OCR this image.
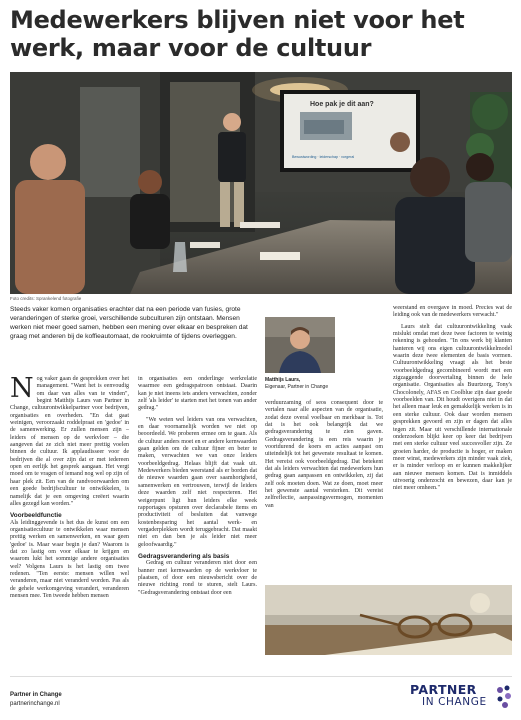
Medewerkers blijven niet voor het werk, maar voor de cultuur
Hoe pak je dit aan?
Bewustwording · leiderschap · vorgeral
Foto credits: Sprankelend fotografie
Steeds vaker komen organisaties erachter dat na een periode van fusies, grote veranderingen of sterke groei, verschillende subculturen zijn ontstaan. Mensen werken niet meer goed samen, hebben een mening over elkaar en bespreken dat graag met anderen bij de koffieautomaat, de rookruimte of tijdens overleggen.
Matthijs Laurs,
Eigenaar, Partner in Change

Nog vaker gaan de gesprekken over het management. "Want het is eenvoudig om daar van alles van te vinden", begint Matthijs Laurs van Partner in Change, cultuurontwikkelpartner voor bedrijven, organisaties en overheden. "En dat gaat weinigen, veroorzaakt roddelpraat en 'gedoe' in de samenwerking. Er zullen mensen zijn – leiders of mensen op de werkvloer – die aangeven dat ze zich niet meer prettig voelen binnen de cultuur. Ik applaudisseer voor de bedrijven die al over zijn dat er met iedereen open en eerlijk het gesprek aangaan. Het vergt moed om te vragen of iemand nog wel op zijn of haar plek zit. Een van de randvoorwaarden om een goede bedrijfscultuur te ontwikkelen, is namelijk dat je een omgeving creëert waarin alles gezegd kan worden."

Voorbeeldfunctie

Als leidinggevende is het dus de kunst om een organisatiecultuur te ontwikkelen waar mensen prettig werken en samenwerken, en waar geen 'gedoe' is. Maar waar begin je dan? Waarom is dat zo lastig om voor elkaar te krijgen en waarom lukt het sommige andere organisaties wel? Volgens Laurs is het lastig om twee redenen. "Ten eerste: mensen willen wel veranderen, maar niet veranderd worden. Pas als de gehele werkomgeving verandert, veranderen mensen mee. Ten tweede hebben mensen

in organisaties een onderlinge werkrelatie waarmee een gedragspatroon ontstaat. Daarin kan je niet ineens iets anders verwachten, zonder zelf 'als leider' te starten met het tonen van ander gedrag."

"We weten wel leiders van ons verwachten, en daar voornamelijk worden we niet op beoordeeld. We proberen ermee om te gaan. Als de cultuur anders moet en er andere kernwaarden gaan gelden om de cultuur fijner en beter te maken, verwachten we van onze leiders voorbeeldgedrag. Helaas blijft dat vaak uit. Medewerkers bieden weerstand als er borden dat de nieuwe waarden gaan over saamhorigheid, samenwerken en vertrouwen, terwijl de leiders deze waarden zelf niet respecteren. Het weigerpunt ligt hun leiders elke week rapportages opsturen over declarabele items en productiviteit of besluiten dat vanwege kostenbesparing het aantal werk- en vergaderplekken wordt teruggebracht. Dat maakt niet en dan ben je als leider niet meer geloofwaardig."

Gedragsverandering als basis

Gedrag en cultuur veranderen niet door een banner met kernwaarden op de werkvloer te plaatsen, of door een nieuwsbericht over de nieuwe richting rond te sturen, stelt Laurs. "Gedragsverandering ontstaat door een

verduurzaming of seos consequent door te vertalen naar alle aspecten van de organisatie, zodat deze overal voelbaar en merkbaar is. Tot dat is het ook belangrijk dat we gedragsverandering te zien gaven. Gedragsverandering is een reis waarin je voortdurend de koers en acties aanpast om uiteindelijk tot het gewenste resultaat te komen. Het vereist ook voorbeeldgedrag. Dat betekent dat als leiders verwachten dat medewerkers hun gedrag gaan aanpassen en ontwikkelen, zij dat zelf ook moeten doen. Wat ze doen, moet meer het gewenste aantal versterken. Dit vereist zelfreflectie, aanpassingsvermogen, momenten van

weerstand en overgave in moed. Precies wat de leiding ook van de medewerkers verwacht."

Laurs stelt dat cultuurontwikkeling vaak mislukt omdat met deze twee factoren te weinig rekening is gehouden. "In ons werk bij klanten hanteren wij ons eigen cultuurontwikkelmodel waarin deze twee elementen de basis vormen. Cultuurontwikkeling vraagt als het beste voorbeeldgedrag gecombineerd wordt met een zigzaggende doorvertaling binnen de hele organisatie. Organisaties als Buurtzorg, Tony's Chocolonely, AFAS en Coolblue zijn daar goede voorbeelden van. Dit houdt overigens niet in dat het alleen maar leuk en gemakkelijk werken is in een sterke cultuur. Ook daar worden mensen gesprekken gevoerd en zijn er dagen dat alles tegen zit. Maar uit verschillende internationale onderzoeken blijkt keer op keer dat bedrijven met een sterke cultuur veel succesvoller zijn. Ze groeien harder, de productie is hoger, er maken meer winst, medewerkers zijn minder vaak ziek, er is minder verloop en er kunnen makkelijker aan nieuwe mensen komen. Dat is inmiddels uitvoerig onderzocht en bewezen, daar kan je niet meer omheen."

Partner in Change
partnerinchange.nl
PARTNER
IN CHANGE
